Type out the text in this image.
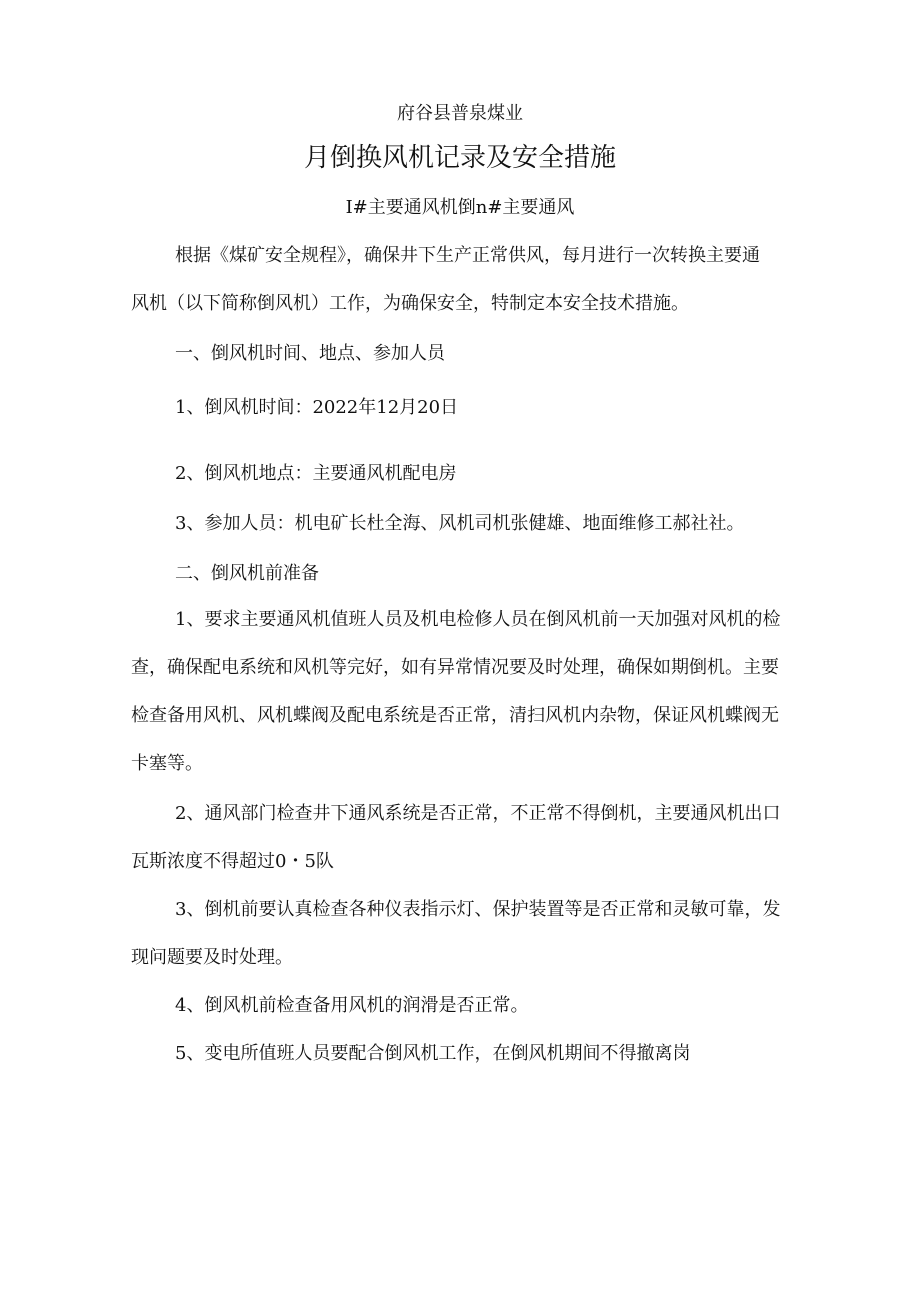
府谷县普泉煤业
月倒换风机记录及安全措施
I#主要通风机倒n#主要通风
根据《煤矿安全规程》，确保井下生产正常供风，每月进行一次转换主要通
风机（以下简称倒风机）工作，为确保安全，特制定本安全技术措施。
一、倒风机时间、地点、参加人员
1、倒风机时间：2022年12月20日
2、倒风机地点：主要通风机配电房
3、参加人员：机电矿长杜全海、风机司机张健雄、地面维修工郝社社。
二、倒风机前准备
1、要求主要通风机值班人员及机电检修人员在倒风机前一天加强对风机的检
查，确保配电系统和风机等完好，如有异常情况要及时处理，确保如期倒机。主要
检查备用风机、风机蝶阀及配电系统是否正常，清扫风机内杂物，保证风机蝶阀无
卡塞等。
2、通风部门检查井下通风系统是否正常，不正常不得倒机，主要通风机出口
瓦斯浓度不得超过0・5队
3、倒机前要认真检查各种仪表指示灯、保护装置等是否正常和灵敏可靠，发
现问题要及时处理。
4、倒风机前检查备用风机的润滑是否正常。
5、变电所值班人员要配合倒风机工作，在倒风机期间不得撤离岗
